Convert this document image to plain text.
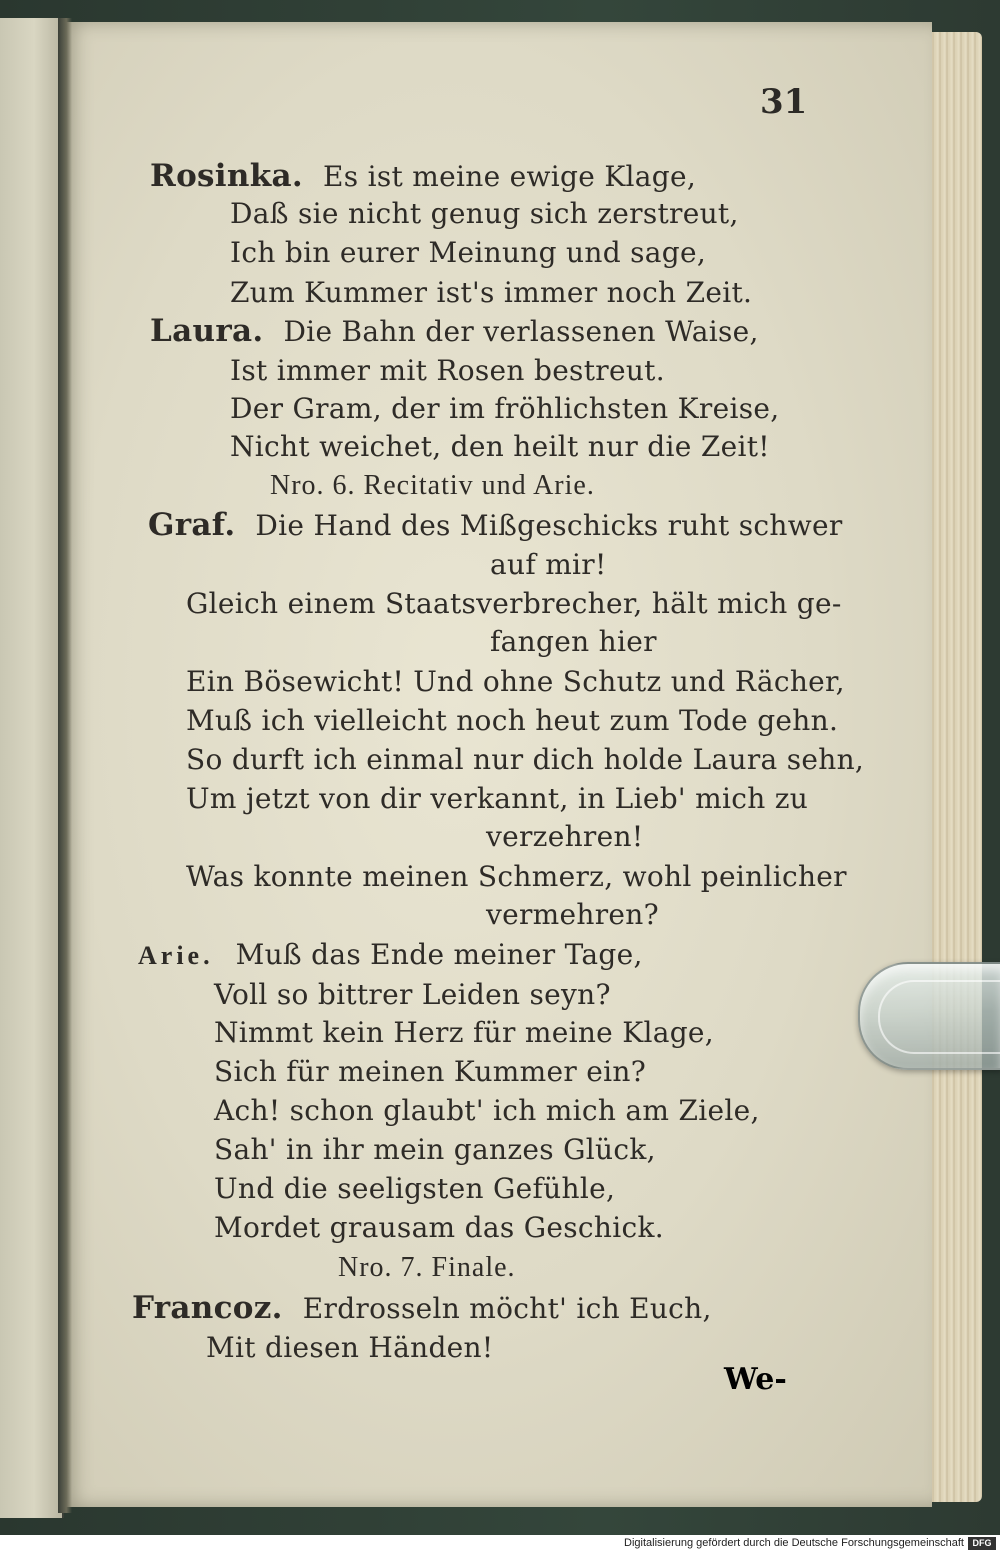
31
Rosinka. Es ist meine ewige Klage,
Daß sie nicht genug sich zerstreut,
Ich bin eurer Meinung und sage,
Zum Kummer ist's immer noch Zeit.
Laura. Die Bahn der verlassenen Waise,
Ist immer mit Rosen bestreut.
Der Gram, der im fröhlichsten Kreise,
Nicht weichet, den heilt nur die Zeit!
Nro. 6. Recitativ und Arie.
Graf. Die Hand des Mißgeschicks ruht schwer
auf mir!
Gleich einem Staatsverbrecher, hält mich ge-
fangen hier
Ein Bösewicht! Und ohne Schutz und Rächer,
Muß ich vielleicht noch heut zum Tode gehn.
So durft ich einmal nur dich holde Laura sehn,
Um jetzt von dir verkannt, in Lieb' mich zu
verzehren!
Was konnte meinen Schmerz, wohl peinlicher
vermehren?
Arie. Muß das Ende meiner Tage,
Voll so bittrer Leiden seyn?
Nimmt kein Herz für meine Klage,
Sich für meinen Kummer ein?
Ach! schon glaubt' ich mich am Ziele,
Sah' in ihr mein ganzes Glück,
Und die seeligsten Gefühle,
Mordet grausam das Geschick.
Nro. 7. Finale.
Francoz. Erdrosseln möcht' ich Euch,
Mit diesen Händen!
We-
Digitalisierung gefördert durch die Deutsche Forschungsgemeinschaft DFG
